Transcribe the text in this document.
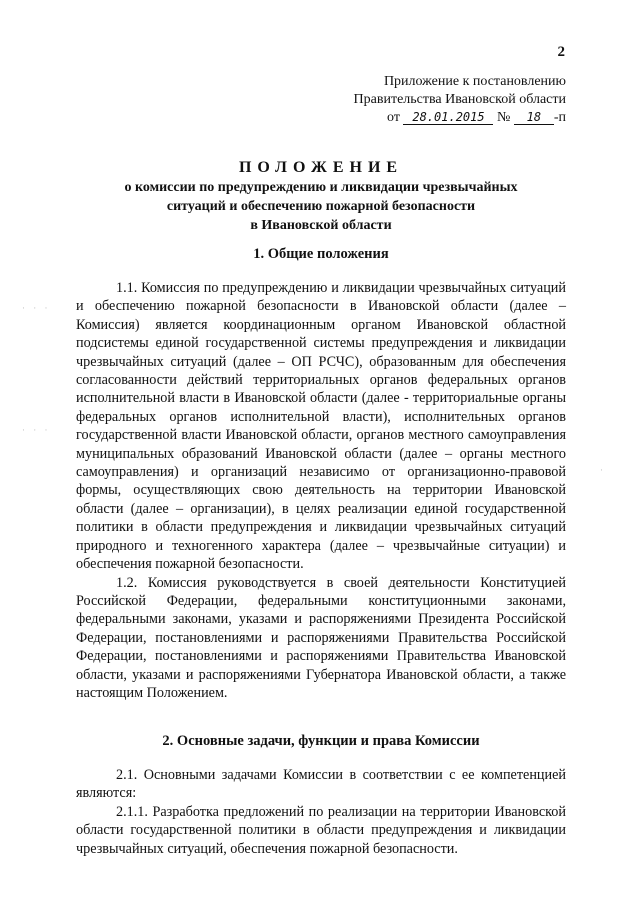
2
Приложение к постановлению
Правительства Ивановской области
от 28.01.2015 № 18 -п
ПОЛОЖЕНИЕ
о комиссии по предупреждению и ликвидации чрезвычайных
ситуаций и обеспечению пожарной безопасности
в Ивановской области
1. Общие положения

1.1. Комиссия по предупреждению и ликвидации чрезвычайных ситуаций и обеспечению пожарной безопасности в Ивановской области (далее – Комиссия) является координационным органом Ивановской областной подсистемы единой государственной системы предупреждения и ликвидации чрезвычайных ситуаций (далее – ОП РСЧС), образованным для обеспечения согласованности действий территориальных органов федеральных органов исполнительной власти в Ивановской области (далее - территориальные органы федеральных органов исполнительной власти), исполнительных органов государственной власти Ивановской области, органов местного самоуправления муниципальных образований Ивановской области (далее – органы местного самоуправления) и организаций независимо от организационно-правовой формы, осуществляющих свою деятельность на территории Ивановской области (далее – организации), в целях реализации единой государственной политики в области предупреждения и ликвидации чрезвычайных ситуаций природного и техногенного характера (далее – чрезвычайные ситуации) и обеспечения пожарной безопасности.

1.2. Комиссия руководствуется в своей деятельности Конституцией Российской Федерации, федеральными конституционными законами, федеральными законами, указами и распоряжениями Президента Российской Федерации, постановлениями и распоряжениями Правительства Российской Федерации, постановлениями и распоряжениями Правительства Ивановской области, указами и распоряжениями Губернатора Ивановской области, а также настоящим Положением.

2. Основные задачи, функции и права Комиссии

2.1. Основными задачами Комиссии в соответствии с ее компетенцией являются:

2.1.1. Разработка предложений по реализации на территории Ивановской области государственной политики в области предупреждения и ликвидации чрезвычайных ситуаций, обеспечения пожарной безопасности.

· · ·
· · ·
·
